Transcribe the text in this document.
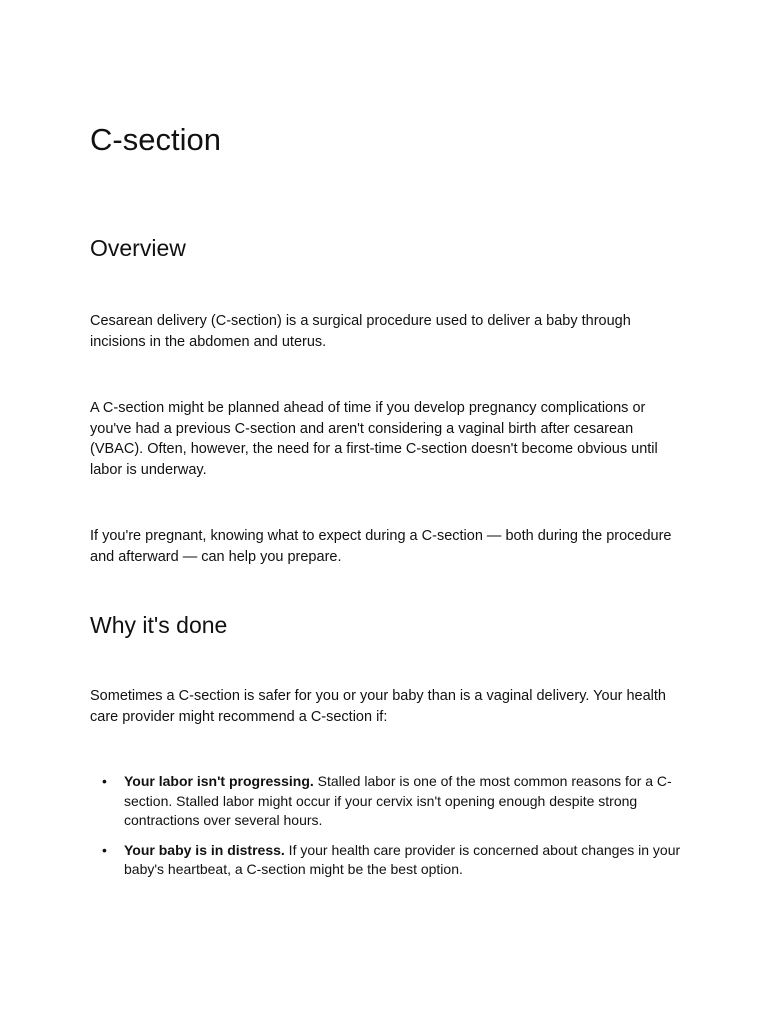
C-section
Overview

Cesarean delivery (C-section) is a surgical procedure used to deliver a baby through incisions in the abdomen and uterus.

A C-section might be planned ahead of time if you develop pregnancy complications or you've had a previous C-section and aren't considering a vaginal birth after cesarean (VBAC). Often, however, the need for a first-time C-section doesn't become obvious until labor is underway.

If you're pregnant, knowing what to expect during a C-section — both during the procedure and afterward — can help you prepare.

Why it's done

Sometimes a C-section is safer for you or your baby than is a vaginal delivery. Your health care provider might recommend a C-section if:

• Your labor isn't progressing. Stalled labor is one of the most common reasons for a C-section. Stalled labor might occur if your cervix isn't opening enough despite strong contractions over several hours.
• Your baby is in distress. If your health care provider is concerned about changes in your baby's heartbeat, a C-section might be the best option.
